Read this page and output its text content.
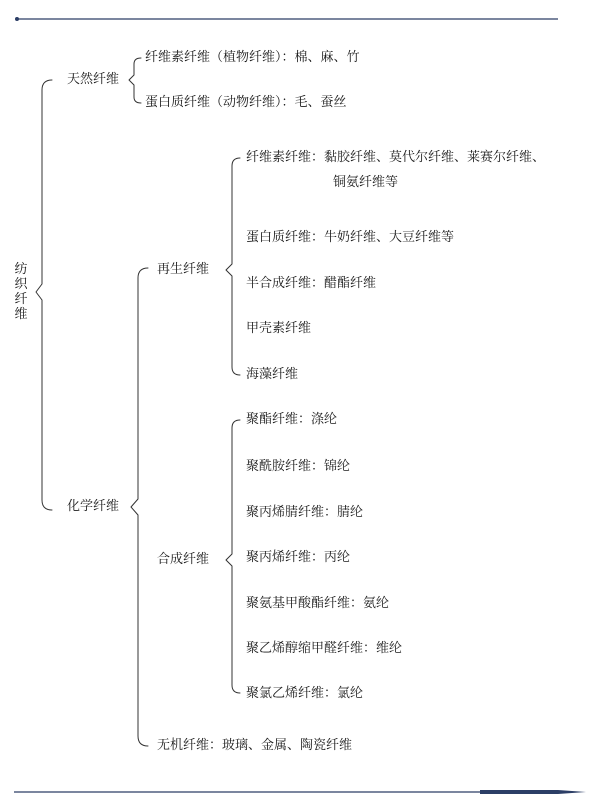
纺
织
纤
维
天然纤维
纤维素纤维（植物纤维）：棉、麻、竹
蛋白质纤维（动物纤维）：毛、蚕丝
化学纤维
再生纤维
纤维素纤维：黏胶纤维、莫代尔纤维、莱赛尔纤维、
铜氨纤维等
蛋白质纤维：牛奶纤维、大豆纤维等
半合成纤维：醋酯纤维
甲壳素纤维
海藻纤维
合成纤维
聚酯纤维：涤纶
聚酰胺纤维：锦纶
聚丙烯腈纤维：腈纶
聚丙烯纤维：丙纶
聚氨基甲酸酯纤维：氨纶
聚乙烯醇缩甲醛纤维：维纶
聚氯乙烯纤维：氯纶
无机纤维：玻璃、金属、陶瓷纤维
